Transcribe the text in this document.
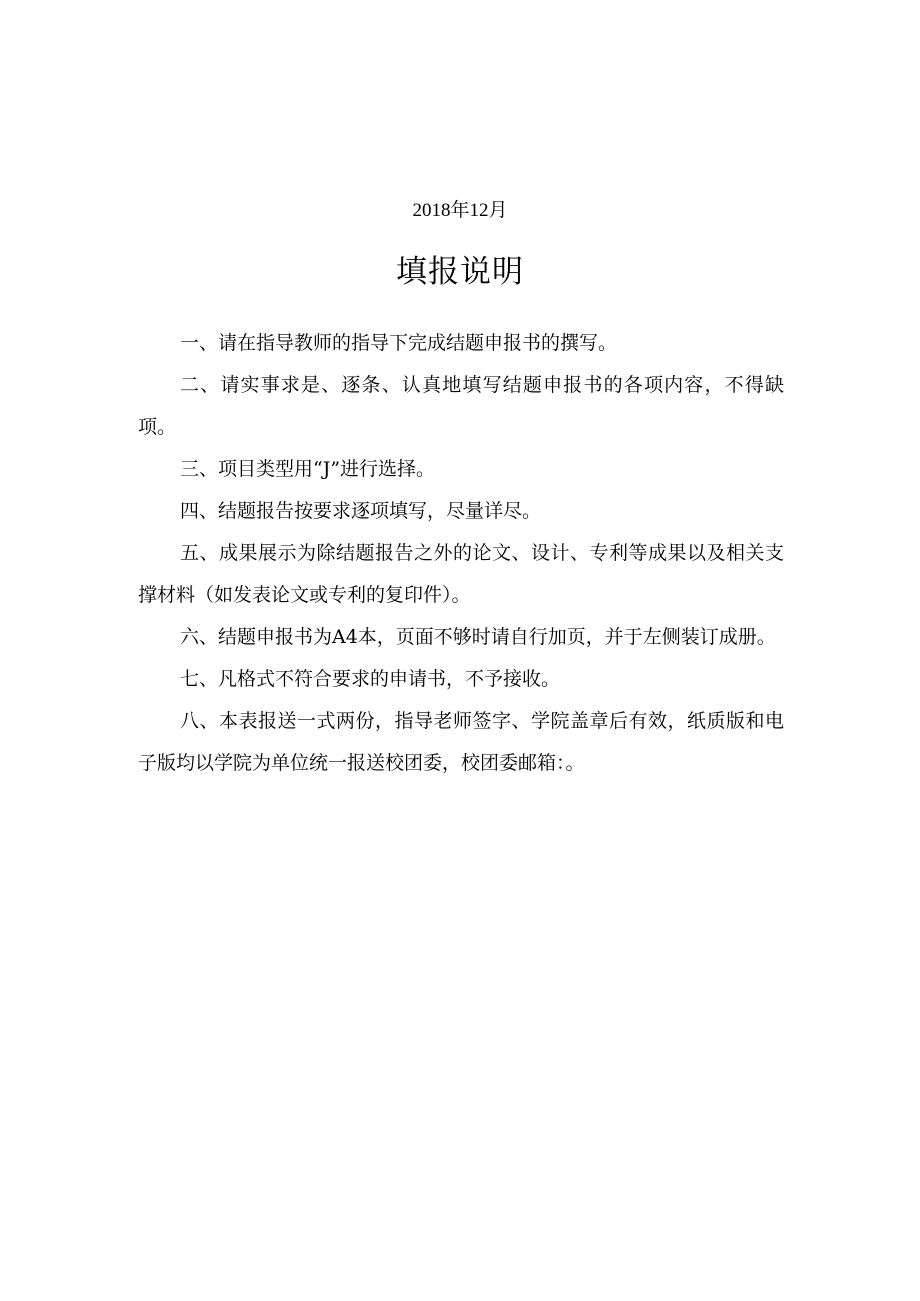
2018年12月
填报说明
一、请在指导教师的指导下完成结题申报书的撰写。
二、请实事求是、逐条、认真地填写结题申报书的各项内容，不得缺项。
三、项目类型用“J”进行选择。
四、结题报告按要求逐项填写，尽量详尽。
五、成果展示为除结题报告之外的论文、设计、专利等成果以及相关支撑材料（如发表论文或专利的复印件）。
六、结题申报书为A4本，页面不够时请自行加页，并于左侧装订成册。
七、凡格式不符合要求的申请书，不予接收。
八、本表报送一式两份，指导老师签字、学院盖章后有效，纸质版和电子版均以学院为单位统一报送校团委，校团委邮箱：。
